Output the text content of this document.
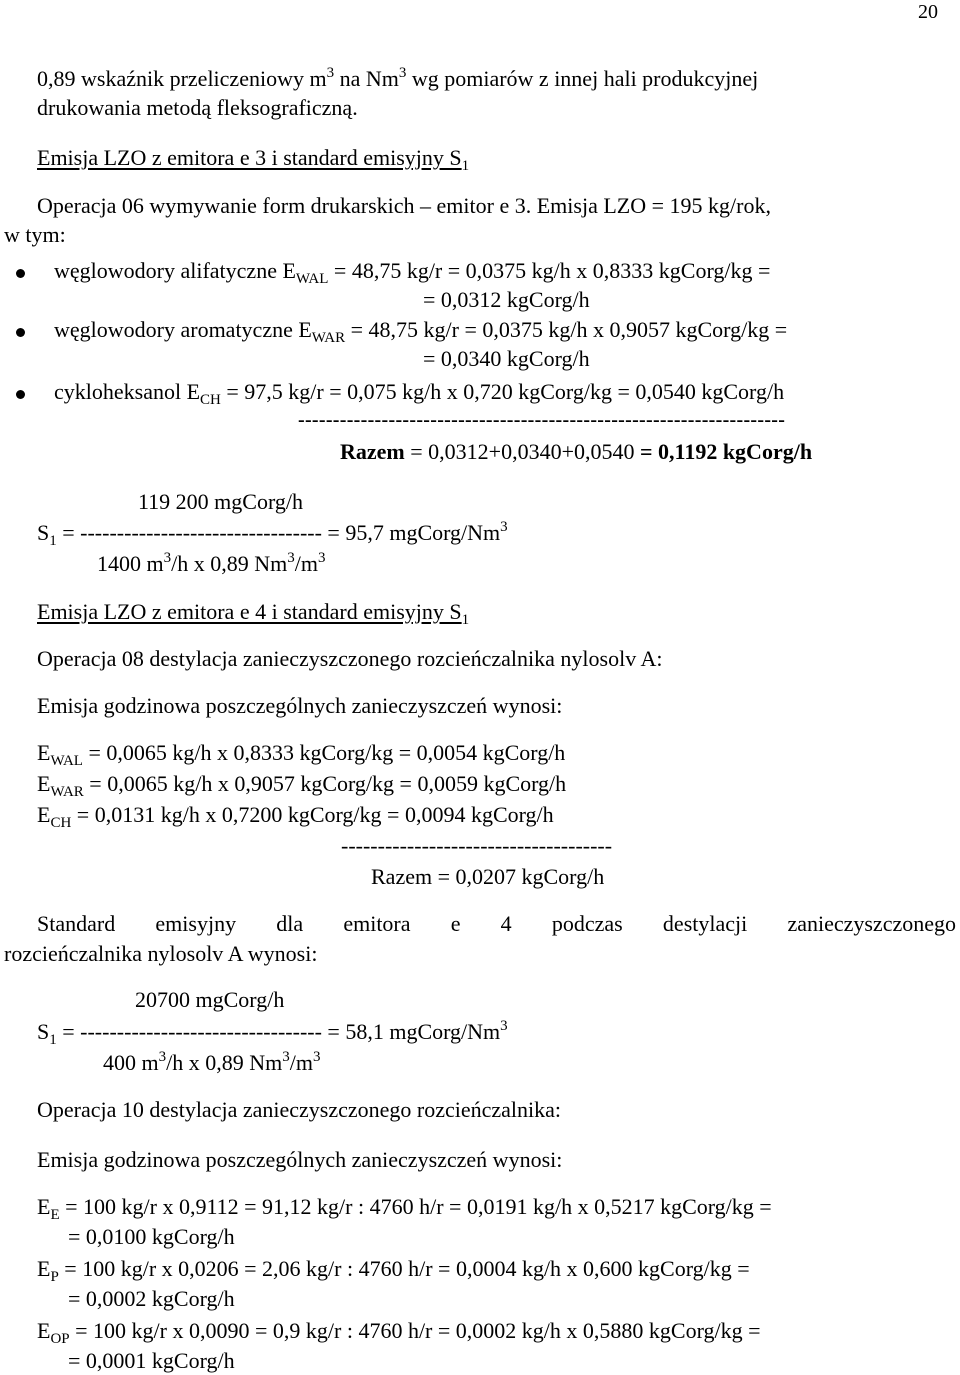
20
0,89 wskaźnik przeliczeniowy $m^3$ na Nm$^3$ wg pomiarów z innej hali produkcyjnej
drukowania metodą fleksograficzną.
Emisja LZO z emitora e 3 i standard emisyjny $S_1$
Operacja 06 wymywanie form drukarskich – emitor e 3. Emisja LZO = 195 kg/rok,
w tym:
węglowodory alifatyczne $E_{WAL} = 48,75$ kg/r = 0,0375 kg/h x 0,8333 kgCorg/kg =
= 0,0312 kgCorg/h
węglowodory aromatyczne $E_{WAR} = 48,75$ kg/r = 0,0375 kg/h x 0,9057 kgCorg/kg =
= 0,0340 kgCorg/h
cykloheksanol $E_{CH} = 97,5$ kg/r = 0,075 kg/h x 0,720 kgCorg/kg = 0,0540 kgCorg/h
----------------------------------------------------------------------
Razem = 0,0312+0,0340+0,0540 = 0,1192 kgCorg/h
119 200 mgCorg/h
$S_1$ = --------------------------------- = 95,7 mgCorg/Nm$^3$
1400 $m^3/h$ x 0,89 $Nm^3/m^3$
Emisja LZO z emitora e 4 i standard emisyjny $S_1$
Operacja 08 destylacja zanieczyszczonego rozcieńczalnika nylosolv A:
Emisja godzinowa poszczególnych zanieczyszczeń wynosi:
$E_{WAL} = 0,0065$ kg/h x 0,8333 kgCorg/kg = 0,0054 kgCorg/h
$E_{WAR} = 0,0065$ kg/h x 0,9057 kgCorg/kg = 0,0059 kgCorg/h
$E_{CH} = 0,0131$ kg/h x 0,7200 kgCorg/kg = 0,0094 kgCorg/h
-------------------------------------
Razem = 0,0207 kgCorg/h
Standard emisyjny dla emitora e 4 podczas destylacji zanieczyszczonego
rozcieńczalnika nylosolv A wynosi:
20700 mgCorg/h
$S_1$ = --------------------------------- = 58,1 mgCorg/Nm$^3$
400 $m^3/h$ x 0,89 $Nm^3/m^3$
Operacja 10 destylacja zanieczyszczonego rozcieńczalnika:
Emisja godzinowa poszczególnych zanieczyszczeń wynosi:
$E_E = 100$ kg/r x 0,9112 = 91,12 kg/r : 4760 h/r = 0,0191 kg/h x 0,5217 kgCorg/kg =
= 0,0100 kgCorg/h
$E_P = 100$ kg/r x 0,0206 = 2,06 kg/r : 4760 h/r = 0,0004 kg/h x 0,600 kgCorg/kg =
= 0,0002 kgCorg/h
$E_{OP} = 100$ kg/r x 0,0090 = 0,9 kg/r : 4760 h/r = 0,0002 kg/h x 0,5880 kgCorg/kg =
= 0,0001 kgCorg/h
